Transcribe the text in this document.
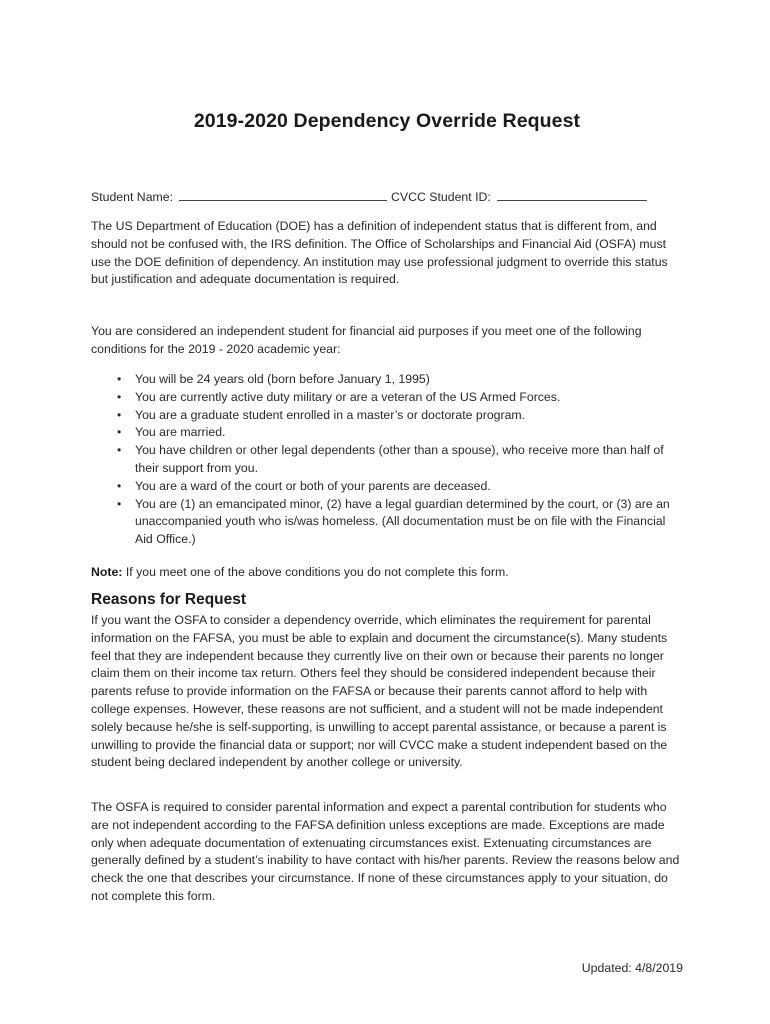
2019-2020 Dependency Override Request
Student Name:	CVCC Student ID:

The US Department of Education (DOE) has a definition of independent status that is different from, and should not be confused with, the IRS definition. The Office of Scholarships and Financial Aid (OSFA) must use the DOE definition of dependency. An institution may use professional judgment to override this status but justification and adequate documentation is required.

You are considered an independent student for financial aid purposes if you meet one of the following conditions for the 2019 - 2020 academic year:

• You will be 24 years old (born before January 1, 1995)
• You are currently active duty military or are a veteran of the US Armed Forces.
• You are a graduate student enrolled in a master’s or doctorate program.
• You are married.
• You have children or other legal dependents (other than a spouse), who receive more than half of their support from you.
• You are a ward of the court or both of your parents are deceased.
• You are (1) an emancipated minor, (2) have a legal guardian determined by the court, or (3) are an unaccompanied youth who is/was homeless. (All documentation must be on file with the Financial Aid Office.)
Note: If you meet one of the above conditions you do not complete this form.
Reasons for Request

If you want the OSFA to consider a dependency override, which eliminates the requirement for parental information on the FAFSA, you must be able to explain and document the circumstance(s). Many students feel that they are independent because they currently live on their own or because their parents no longer claim them on their income tax return. Others feel they should be considered independent because their parents refuse to provide information on the FAFSA or because their parents cannot afford to help with college expenses. However, these reasons are not sufficient, and a student will not be made independent solely because he/she is self-supporting, is unwilling to accept parental assistance, or because a parent is unwilling to provide the financial data or support; nor will CVCC make a student independent based on the student being declared independent by another college or university.

The OSFA is required to consider parental information and expect a parental contribution for students who are not independent according to the FAFSA definition unless exceptions are made. Exceptions are made only when adequate documentation of extenuating circumstances exist. Extenuating circumstances are generally defined by a student’s inability to have contact with his/her parents. Review the reasons below and check the one that describes your circumstance. If none of these circumstances apply to your situation, do not complete this form.

Updated: 4/8/2019
